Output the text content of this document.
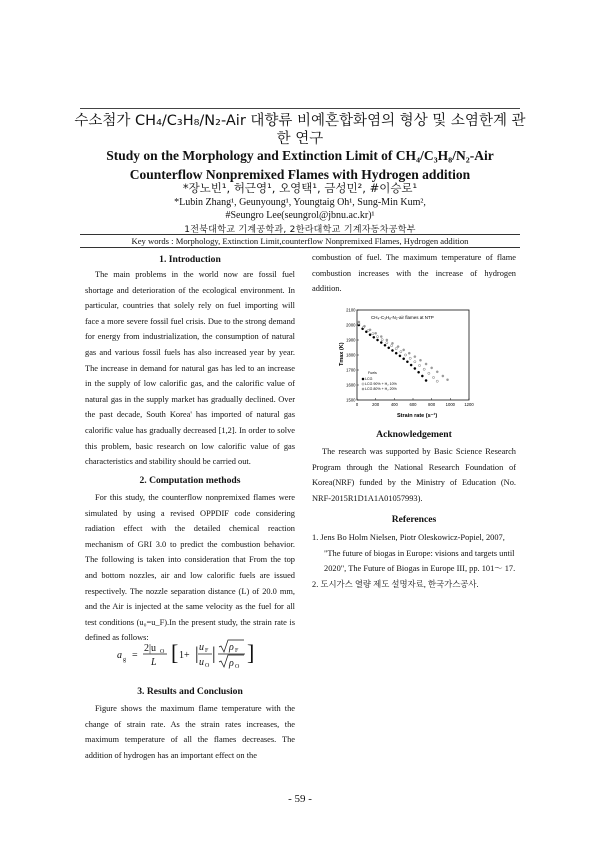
수소첨가 CH₄/C₃H₈/N₂-Air 대향류 비예혼합화염의 형상 및 소염한계 관한 연구
Study on the Morphology and Extinction Limit of CH₄/C₃H₈/N₂-Air
Counterflow Nonpremixed Flames with Hydrogen addition
*장노빈¹, 허근영¹, 오영택¹, 금성민², #이승로¹
*Lubin Zhang¹, Geunyoung¹, Youngtaig Oh¹, Sung-Min Kum²,
#Seungro Lee(seungrol@jbnu.ac.kr)¹
1전북대학교 기계공학과, 2한라대학교 기계자동차공학부
Key words : Morphology, Extinction Limit,counterflow Nonpremixed Flames, Hydrogen addition
1. Introduction

The main problems in the world now are fossil fuel shortage and deterioration of the ecological environment. In particular, countries that solely rely on fuel importing will face a more severe fossil fuel crisis. Due to the strong demand for energy from industrialization, the consumption of natural gas and various fossil fuels has also increased year by year. The increase in demand for natural gas has led to an increase in the supply of low calorific gas, and the calorific value of natural gas in the supply market has gradually declined. Over the past decade, South Korea' has imported of natural gas calorific value has gradually decreased [1,2]. In order to solve this problem, basic research on low calorific value of gas characteristics and stability should be carried out.

2. Computation methods

For this study, the counterflow nonpremixed flames were simulated by using a revised OPPDIF code considering radiation effect with the detailed chemical reaction mechanism of GRI 3.0 to predict the combustion behavior. The following is taken into consideration that From the top and bottom nozzles, air and low calorific fuels are issued respectively. The nozzle separation distance (L) of 20.0 mm, and the Air is injected at the same velocity as the fuel for all test conditions (u₀=u_F).In the present study, the strain rate is defined as follows:

a g =
2|u O
L [ 1+ | u F
u O
| ρ F
ρ O
]
3. Results and Conclusion

Figure shows the maximum flame temperature with the change of strain rate. As the strain rates increases, the maximum temperature of all the flames decreases. The addition of hydrogen has an important effect on the

combustion of fuel. The maximum temperature of flame combustion increases with the increase of hydrogen addition.

CH₄-C₃H₈-N₂-air flames at NTP
Tmax (K)
Strain rate (s⁻¹)
0	200	400	600	800	1000 1200
1500
1600
1700
1800
1900
2000
2100
Fuels
LCG
LCG 90% + H₂ 10%
LCG 80% + H₂ 20%
Acknowledgement

The research was supported by Basic Science Research Program through the National Research Foundation of Korea(NRF) funded by the Ministry of Education (No. NRF-2015R1D1A1A01057993).

References
1. Jens Bo Holm Nielsen, Piotr Oleskowicz-Popiel, 2007, "The future of biogas in Europe: visions and targets until 2020", The Future of Biogas in Europe III, pp. 101～ 17.
2. 도시가스 열량 제도 설명자료, 한국가스공사.
- 59 -
